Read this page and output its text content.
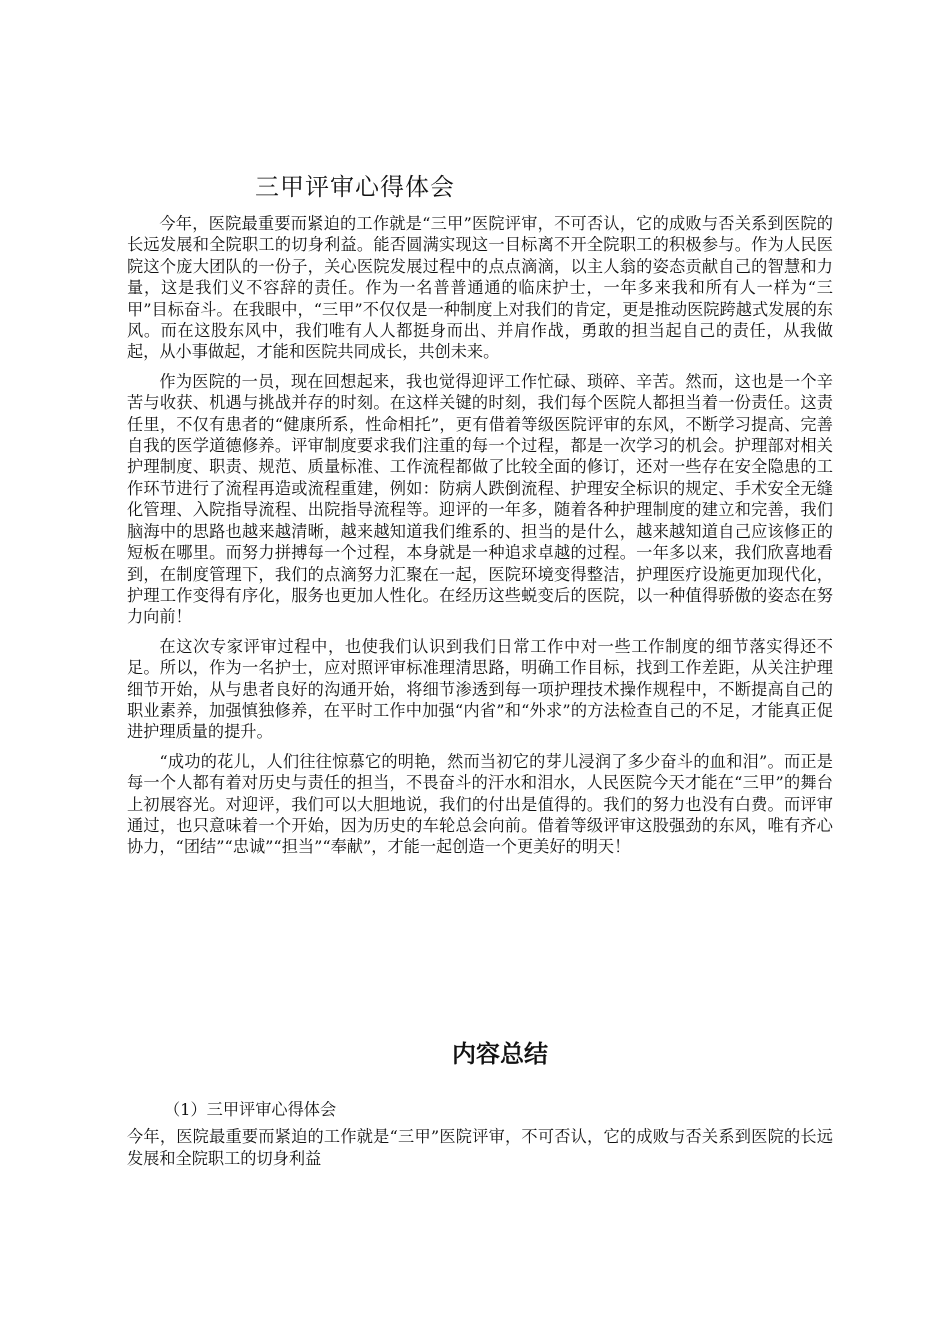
三甲评审心得体会

今年，医院最重要而紧迫的工作就是“三甲”医院评审，不可否认，它的成败与否关系到医院的长远发展和全院职工的切身利益。能否圆满实现这一目标离不开全院职工的积极参与。作为人民医院这个庞大团队的一份子，关心医院发展过程中的点点滴滴，以主人翁的姿态贡献自己的智慧和力量，这是我们义不容辞的责任。作为一名普普通通的临床护士，一年多来我和所有人一样为“三甲”目标奋斗。在我眼中，“三甲”不仅仅是一种制度上对我们的肯定，更是推动医院跨越式发展的东风。而在这股东风中，我们唯有人人都挺身而出、并肩作战，勇敢的担当起自己的责任，从我做起，从小事做起，才能和医院共同成长，共创未来。

作为医院的一员，现在回想起来，我也觉得迎评工作忙碌、琐碎、辛苦。然而，这也是一个辛苦与收获、机遇与挑战并存的时刻。在这样关键的时刻，我们每个医院人都担当着一份责任。这责任里，不仅有患者的“健康所系，性命相托”，更有借着等级医院评审的东风，不断学习提高、完善自我的医学道德修养。评审制度要求我们注重的每一个过程，都是一次学习的机会。护理部对相关护理制度、职责、规范、质量标准、工作流程都做了比较全面的修订，还对一些存在安全隐患的工作环节进行了流程再造或流程重建，例如：防病人跌倒流程、护理安全标识的规定、手术安全无缝化管理、入院指导流程、出院指导流程等。迎评的一年多，随着各种护理制度的建立和完善，我们脑海中的思路也越来越清晰，越来越知道我们维系的、担当的是什么，越来越知道自己应该修正的短板在哪里。而努力拼搏每一个过程，本身就是一种追求卓越的过程。一年多以来，我们欣喜地看到，在制度管理下，我们的点滴努力汇聚在一起，医院环境变得整洁，护理医疗设施更加现代化，护理工作变得有序化，服务也更加人性化。在经历这些蜕变后的医院，以一种值得骄傲的姿态在努力向前！

在这次专家评审过程中，也使我们认识到我们日常工作中对一些工作制度的细节落实得还不足。所以，作为一名护士，应对照评审标准理清思路，明确工作目标，找到工作差距，从关注护理细节开始，从与患者良好的沟通开始，将细节渗透到每一项护理技术操作规程中，不断提高自己的职业素养，加强慎独修养，在平时工作中加强“内省”和“外求”的方法检查自己的不足，才能真正促进护理质量的提升。

“成功的花儿，人们往往惊慕它的明艳，然而当初它的芽儿浸润了多少奋斗的血和泪”。而正是每一个人都有着对历史与责任的担当，不畏奋斗的汗水和泪水，人民医院今天才能在“三甲”的舞台上初展容光。对迎评，我们可以大胆地说，我们的付出是值得的。我们的努力也没有白费。而评审通过，也只意味着一个开始，因为历史的车轮总会向前。借着等级评审这股强劲的东风，唯有齐心协力，“团结”“忠诚”“担当”“奉献”，才能一起创造一个更美好的明天！

内容总结

（1）三甲评审心得体会

今年，医院最重要而紧迫的工作就是“三甲”医院评审，不可否认，它的成败与否关系到医院的长远发展和全院职工的切身利益
